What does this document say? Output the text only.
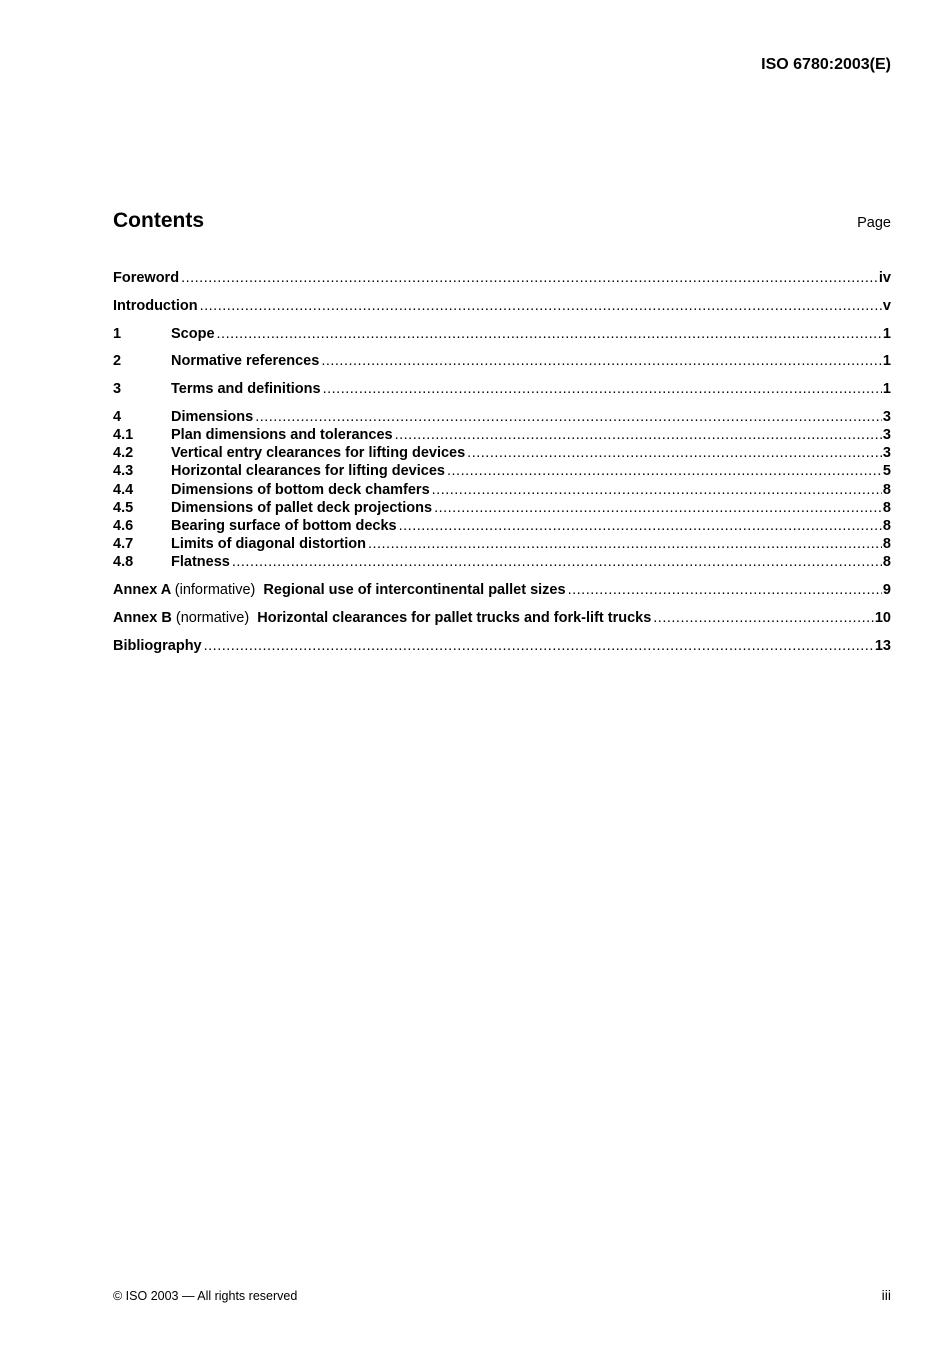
ISO 6780:2003(E)
Contents	Page
Foreword .....	iv
Introduction .....	v
1	Scope .....	1
2	Normative references .....	1
3	Terms and definitions .....	1
4	Dimensions .....	3
4.1	Plan dimensions and tolerances .....	3
4.2	Vertical entry clearances for lifting devices .....	3
4.3	Horizontal clearances for lifting devices .....	5
4.4	Dimensions of bottom deck chamfers .....	8
4.5	Dimensions of pallet deck projections .....	8
4.6	Bearing surface of bottom decks .....	8
4.7	Limits of diagonal distortion .....	8
4.8	Flatness .....	8
Annex A (informative) Regional use of intercontinental pallet sizes .....	9
Annex B (normative) Horizontal clearances for pallet trucks and fork-lift trucks .....	10
Bibliography .....	13
© ISO 2003 — All rights reserved	iii
